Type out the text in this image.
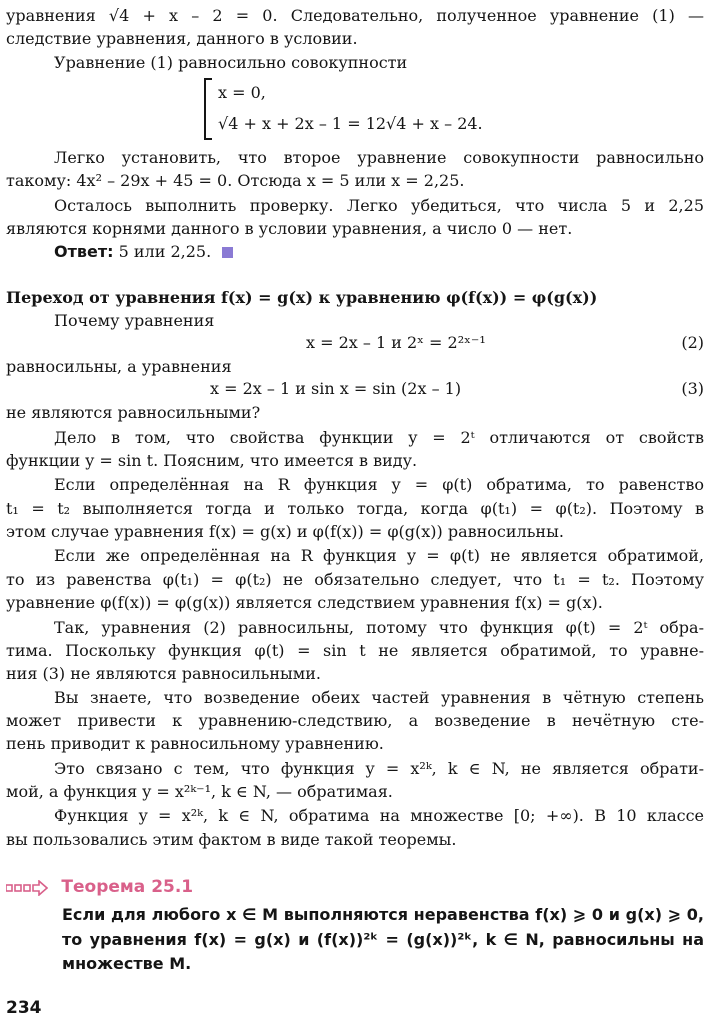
уравнения √4 + x – 2 = 0. Следовательно, полученное уравнение (1) —
следствие уравнения, данного в условии.
Уравнение (1) равносильно совокупности
x = 0,
√4 + x + 2x – 1 = 12√4 + x – 24.
Легко установить, что второе уравнение совокупности равносильно
такому: 4x² – 29x + 45 = 0. Отсюда x = 5 или x = 2,25.
Осталось выполнить проверку. Легко убедиться, что числа 5 и 2,25
являются корнями данного в условии уравнения, а число 0 — нет.
Ответ: 5 или 2,25.
Переход от уравнения f(x) = g(x) к уравнению φ(f(x)) = φ(g(x))
Почему уравнения
x = 2x – 1 и 2ˣ = 2²ˣ⁻¹	(2)
равносильны, а уравнения
x = 2x – 1 и sin x = sin (2x – 1)	(3)
не являются равносильными?
Дело в том, что свойства функции y = 2ᵗ отличаются от свойств
функции y = sin t. Поясним, что имеется в виду.
Если определённая на R функция y = φ(t) обратима, то равенство
t₁ = t₂ выполняется тогда и только тогда, когда φ(t₁) = φ(t₂). Поэтому в
этом случае уравнения f(x) = g(x) и φ(f(x)) = φ(g(x)) равносильны.
Если же определённая на R функция y = φ(t) не является обратимой,
то из равенства φ(t₁) = φ(t₂) не обязательно следует, что t₁ = t₂. Поэтому
уравнение φ(f(x)) = φ(g(x)) является следствием уравнения f(x) = g(x).
Так, уравнения (2) равносильны, потому что функция φ(t) = 2ᵗ обра-
тима. Поскольку функция φ(t) = sin t не является обратимой, то уравне-
ния (3) не являются равносильными.
Вы знаете, что возведение обеих частей уравнения в чётную степень
может привести к уравнению-следствию, а возведение в нечётную сте-
пень приводит к равносильному уравнению.
Это связано с тем, что функция y = x²ᵏ, k ∈ N, не является обрати-
мой, а функция y = x²ᵏ⁻¹, k ∈ N, — обратимая.
Функция y = x²ᵏ, k ∈ N, обратима на множестве [0; +∞). В 10 классе
вы пользовались этим фактом в виде такой теоремы.
Теорема 25.1
Если для любого x ∈ M выполняются неравенства f(x) ⩾ 0 и g(x) ⩾ 0,
то уравнения f(x) = g(x) и (f(x))²ᵏ = (g(x))²ᵏ, k ∈ N, равносильны на
множестве M.
234
